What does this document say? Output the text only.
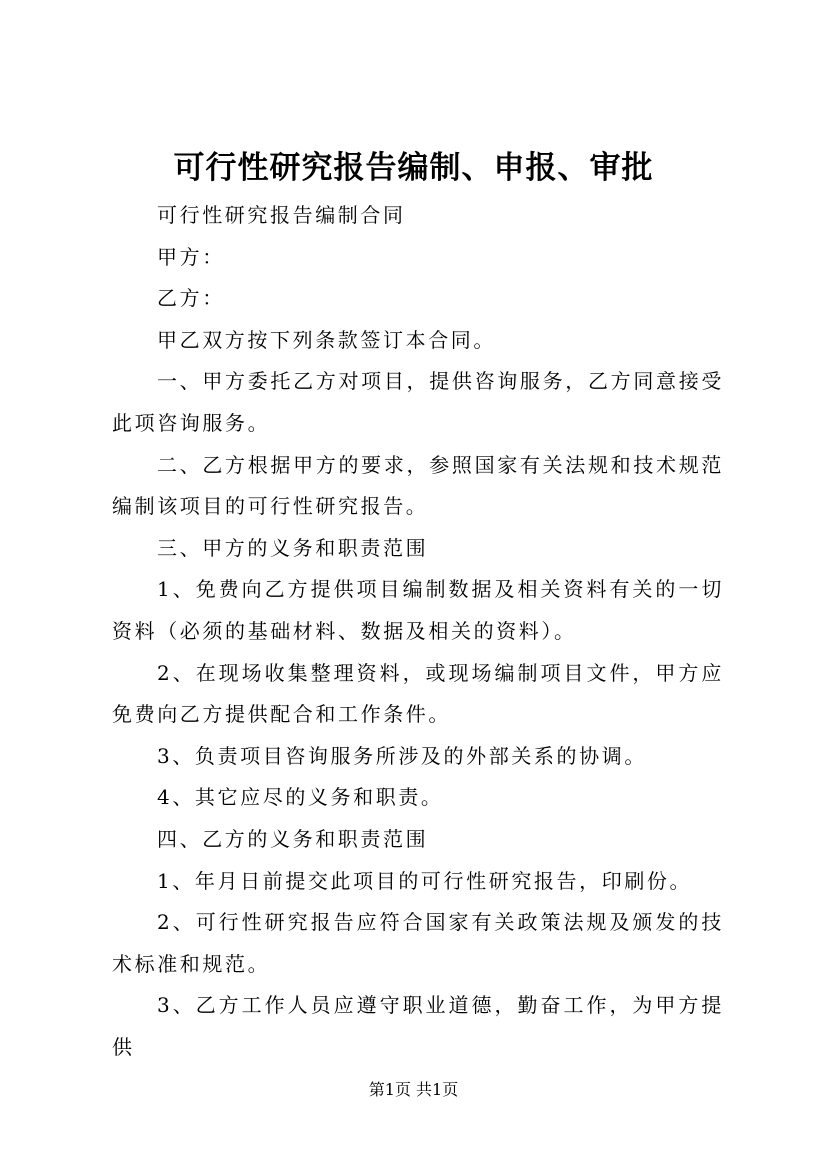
可行性研究报告编制、申报、审批

可行性研究报告编制合同

甲方：

乙方：

甲乙双方按下列条款签订本合同。

一、甲方委托乙方对项目，提供咨询服务，乙方同意接受此项咨询服务。

二、乙方根据甲方的要求，参照国家有关法规和技术规范编制该项目的可行性研究报告。

三、甲方的义务和职责范围

1、免费向乙方提供项目编制数据及相关资料有关的一切资料（必须的基础材料、数据及相关的资料）。

2、在现场收集整理资料，或现场编制项目文件，甲方应免费向乙方提供配合和工作条件。

3、负责项目咨询服务所涉及的外部关系的协调。

4、其它应尽的义务和职责。

四、乙方的义务和职责范围

1、年月日前提交此项目的可行性研究报告，印刷份。

2、可行性研究报告应符合国家有关政策法规及颁发的技术标准和规范。

3、乙方工作人员应遵守职业道德，勤奋工作，为甲方提供

第1页 共1页
